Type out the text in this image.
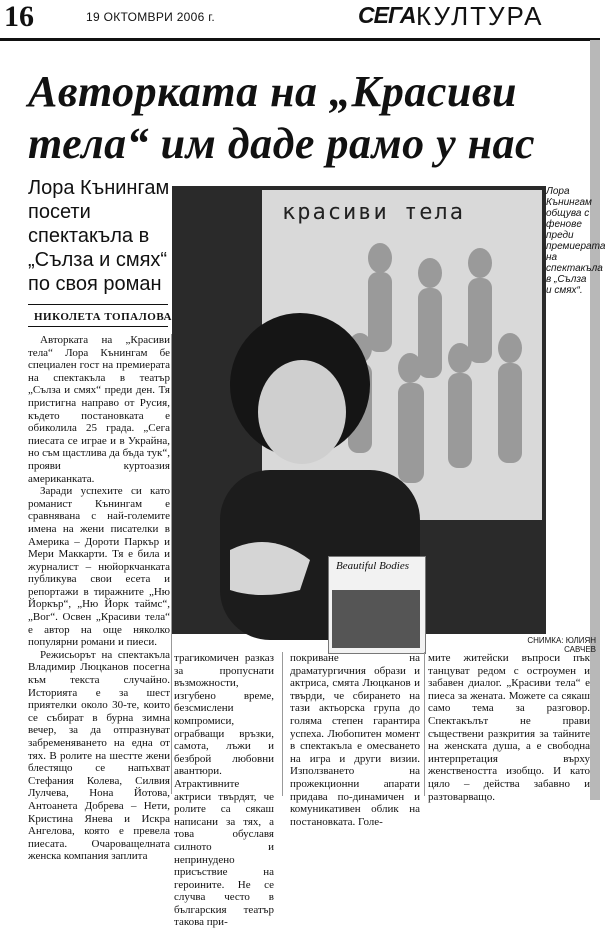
16	19 ОКТОМВРИ 2006 г.	СЕГА КУЛТУРА
Авторката на „Красиви тела“ им даде рамо у нас
Лора Кънингам посети спектакъла в „Сълза и смях“ по своя роман
НИКОЛЕТА ТОПАЛОВА
красиви тела
Beautiful Bodies
Лора Кънингам общува с феновe преди премиерата на спектакъла в „Сълза и смях“.
СНИМКА: ЮЛИЯН САВЧЕВ

Авторката на „Красиви тела“ Лора Кънингам бе специален гост на премиерата на спектакъла в театър „Сълза и смях“ преди ден. Тя пристигна направо от Русия, където постановката е обиколила 25 града. „Сега пиесата се играе и в Украйна, но съм щастлива да бъда тук“, прояви куртоазия американката.

Заради успехите си като романист Кънингам е сравнявана с най-големите имена на жени писателки в Америка – Дороти Паркър и Мери Маккарти. Тя е била и журналист – нюйоркчанката публикува свои есета и репортажи в тиражните „Ню Йоркър“, „Ню Йорк таймс“, „Вог“. Освен „Красиви тела“ е автор на още няколко популярни романи и пиеси.

Режисьорът на спектакъла Владимир Люцканов посегна към текста случайно. Историята е за шест приятелки около 30-те, които се събират в бурна зимна вечер, за да отпразнуват забременяването на една от тях. В ролите на шестте жени блестящо се напъхват Стефания Колева, Силвия Лулчева, Нона Йотова, Антоанета Добрева – Нети, Кристина Янева и Искра Ангелова, която е превела пиесата. Очароващелната женска компания заплита

трагикомичен разказ за пропуснати възможности, изгубено време, безсмислени компромиси, ограбващи връзки, самота, лъжи и безброй любовни авантюри. Атрактивните актриси твърдят, че ролите са сякаш написани за тях, а това обуславя силното и непринудено присъствие на героините. Не се случва често в българския театър такова при-

покриване на драматургичния образи и актриса, смята Люцканов и твърди, че сбирането на тази актьорска група до голяма степен гарантира успеха. Любопитен момент в спектакъла е омесването на игра и други визии. Използването на прожекционни апарати придава по-динамичен и комуникативен облик на постановката. Голе-

мите житейски въпроси пък танцуват редом с остроумен и забавен диалог. „Красиви тела“ е пиеса за жената. Можете са сякаш само тема за разговор. Спектакълът не прави съществени разкрития за тайните на женската душа, а е свободна интерпретация върху женствеността изобщо. И като цяло – действа забавно и разтоварващо.
